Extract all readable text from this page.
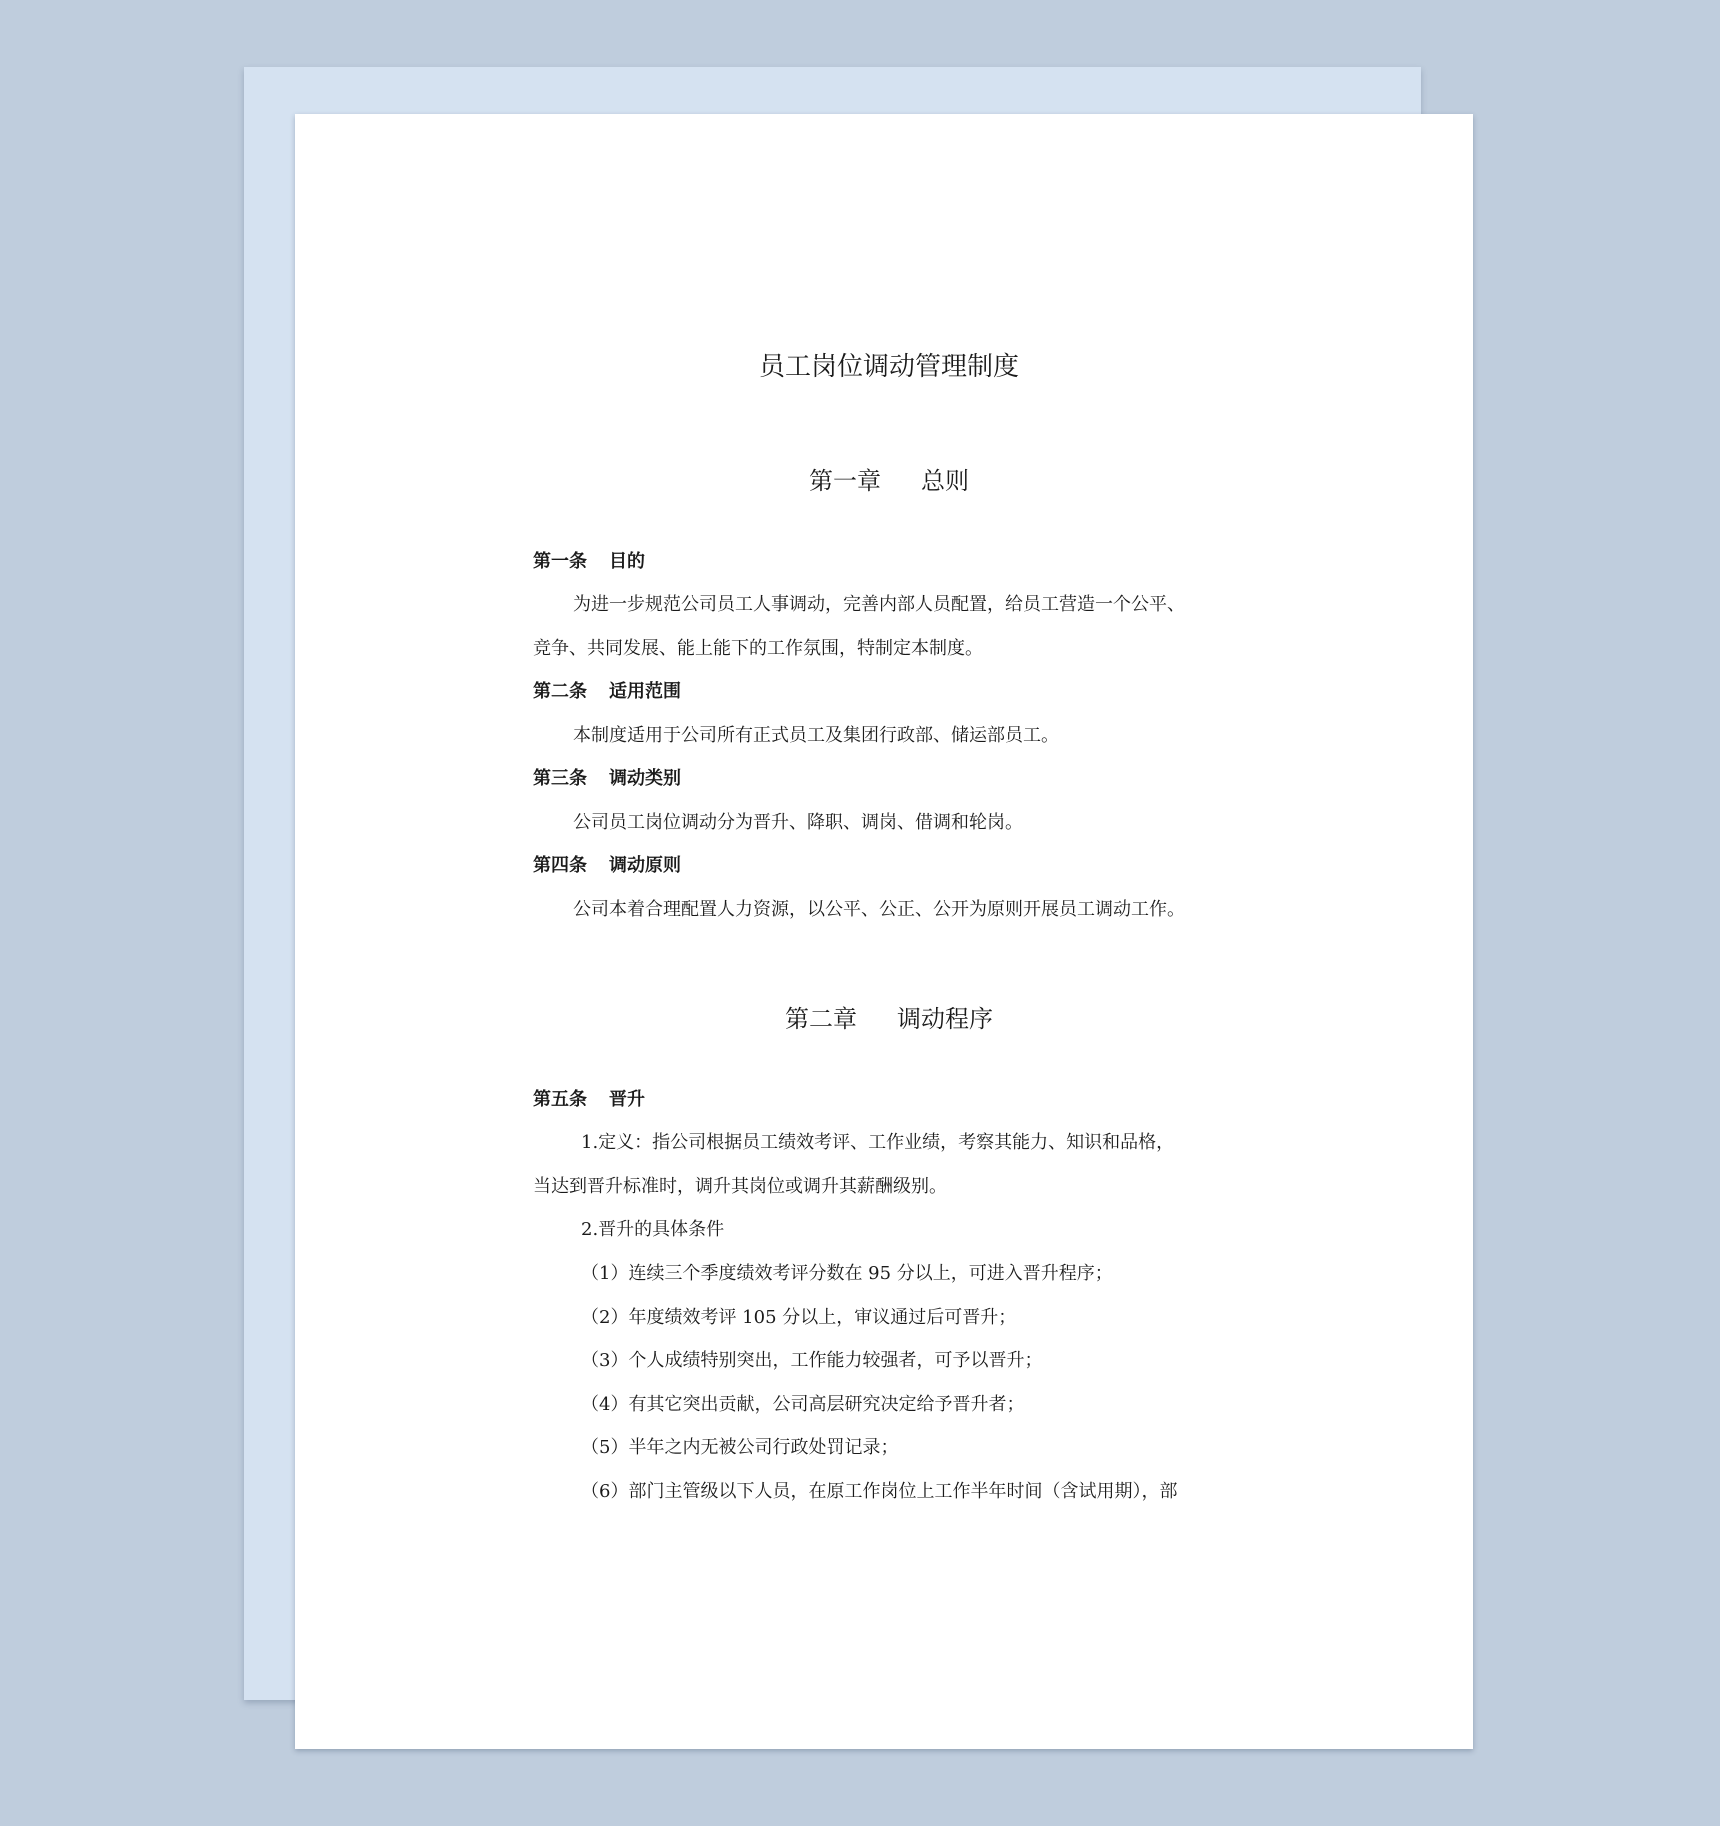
员工岗位调动管理制度
第一章 总则
第一条 目的
为进一步规范公司员工人事调动，完善内部人员配置，给员工营造一个公平、
竞争、共同发展、能上能下的工作氛围，特制定本制度。
第二条 适用范围
本制度适用于公司所有正式员工及集团行政部、储运部员工。
第三条 调动类别
公司员工岗位调动分为晋升、降职、调岗、借调和轮岗。
第四条 调动原则
公司本着合理配置人力资源，以公平、公正、公开为原则开展员工调动工作。
第二章 调动程序
第五条 晋升
1.定义：指公司根据员工绩效考评、工作业绩，考察其能力、知识和品格，
当达到晋升标准时，调升其岗位或调升其薪酬级别。
2.晋升的具体条件
（1）连续三个季度绩效考评分数在 95 分以上，可进入晋升程序；
（2）年度绩效考评 105 分以上，审议通过后可晋升；
（3）个人成绩特别突出，工作能力较强者，可予以晋升；
（4）有其它突出贡献，公司高层研究决定给予晋升者；
（5）半年之内无被公司行政处罚记录；
（6）部门主管级以下人员，在原工作岗位上工作半年时间（含试用期），部
